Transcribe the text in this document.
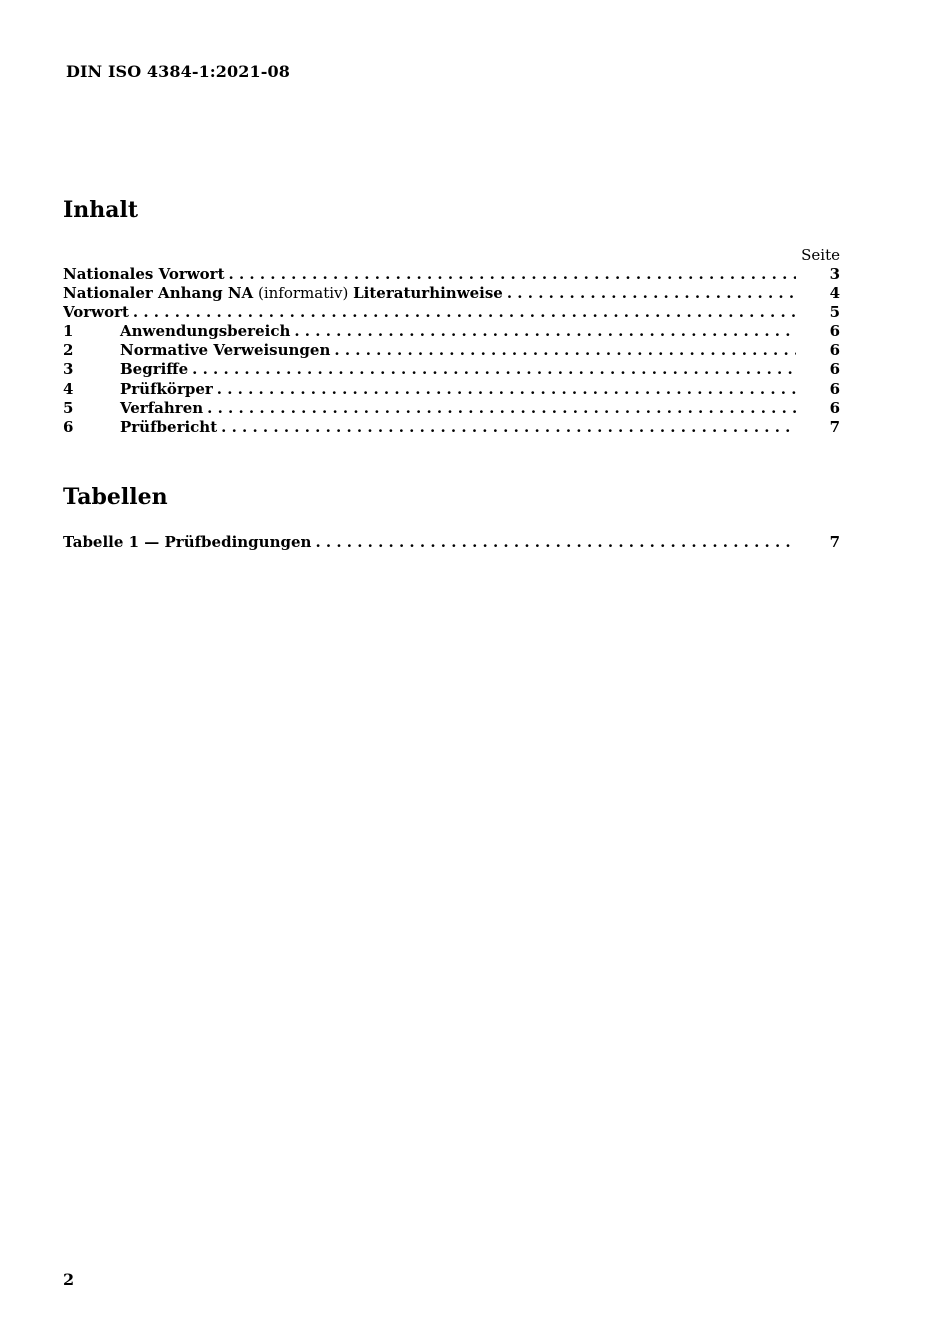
DIN ISO 4384-1:2021-08
Inhalt
Seite
Nationales Vorwort . . .	3
Nationaler Anhang NA (informativ) Literaturhinweise . . .	4
Vorwort . . .	5
1	Anwendungsbereich . . .	6
2	Normative Verweisungen . . .	6
3	Begriffe . . .	6
4	Prüfkörper . . .	6
5	Verfahren . . .	6
6	Prüfbericht . . .	7
Tabellen
Tabelle 1 — Prüfbedingungen . . .	7
2
